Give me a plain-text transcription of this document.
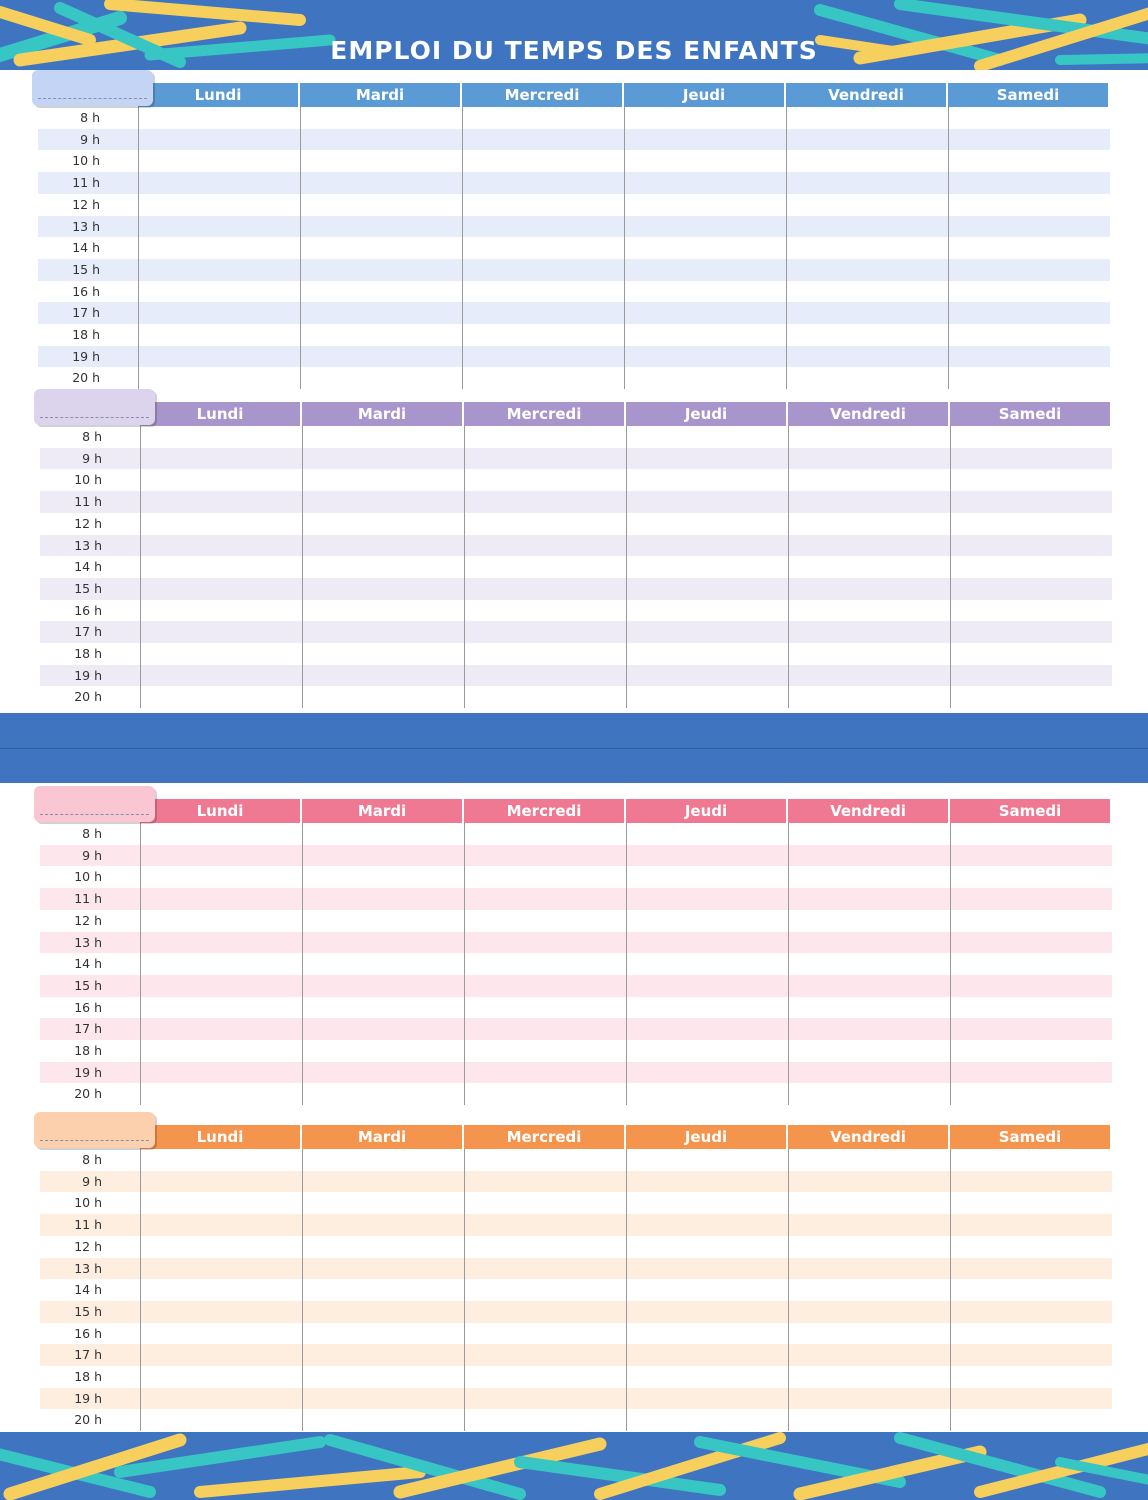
EMPLOI DU TEMPS DES ENFANTS
8 h
9 h
10 h
11 h
12 h
13 h
14 h
15 h
16 h
17 h
18 h
19 h
20 h
Lundi	Mardi	Mercredi	Jeudi	Vendredi	Samedi
8 h
9 h
10 h
11 h
12 h
13 h
14 h
15 h
16 h
17 h
18 h
19 h
20 h
Lundi	Mardi	Mercredi	Jeudi	Vendredi	Samedi
8 h
9 h
10 h
11 h
12 h
13 h
14 h
15 h
16 h
17 h
18 h
19 h
20 h
Lundi	Mardi	Mercredi	Jeudi	Vendredi	Samedi
8 h
9 h
10 h
11 h
12 h
13 h
14 h
15 h
16 h
17 h
18 h
19 h
20 h
Lundi	Mardi	Mercredi	Jeudi	Vendredi	Samedi
